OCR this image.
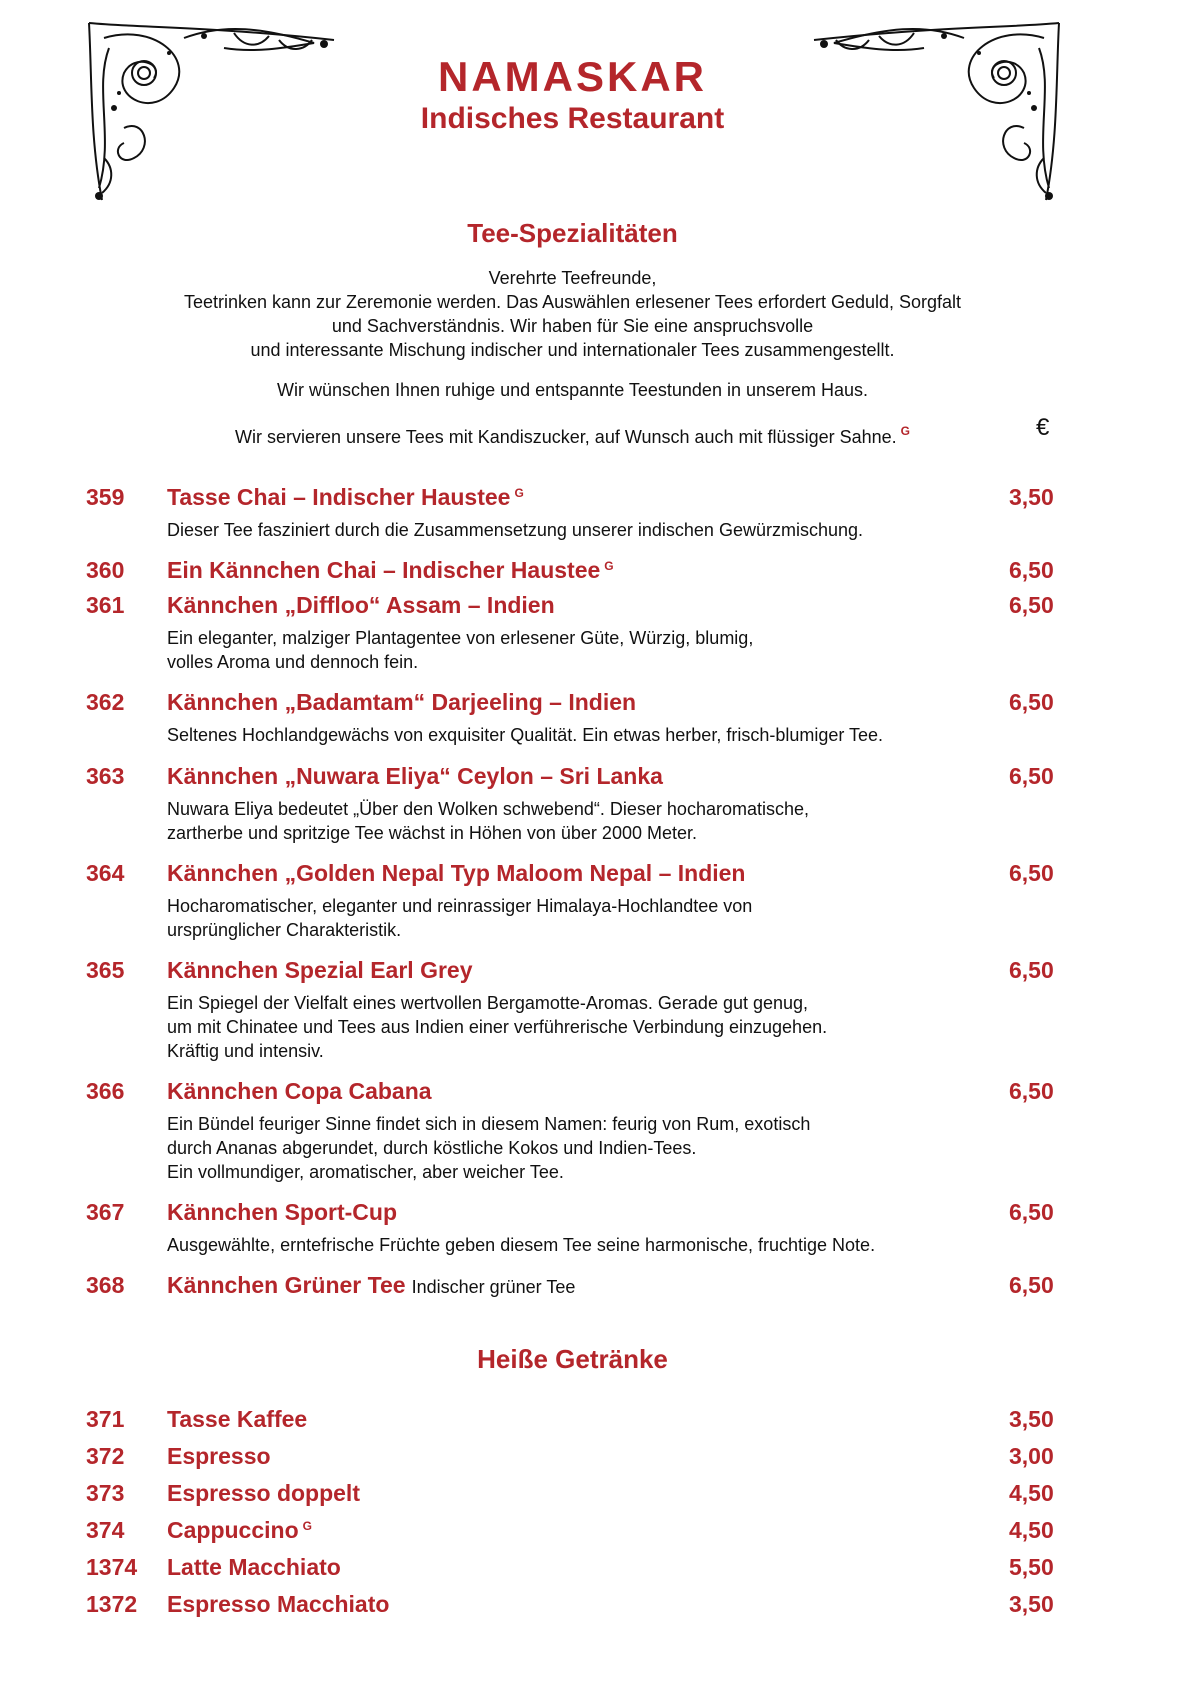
NAMASKAR
Indisches Restaurant
Tee-Spezialitäten
Verehrte Teefreunde,
Teetrinken kann zur Zeremonie werden. Das Auswählen erlesener Tees erfordert Geduld, Sorgfalt
und Sachverständnis. Wir haben für Sie eine anspruchsvolle
und interessante Mischung indischer und internationaler Tees zusammengestellt.
Wir wünschen Ihnen ruhige und entspannte Teestunden in unserem Haus.
Wir servieren unsere Tees mit Kandiszucker, auf Wunsch auch mit flüssiger Sahne. $^G$	€
359 Tasse Chai – Indischer Haustee $^G$	3,50
Dieser Tee fasziniert durch die Zusammensetzung unserer indischen Gewürzmischung.
360 Ein Kännchen Chai – Indischer Haustee $^G$	6,50
361 Kännchen „Diffloo“ Assam – Indien	6,50
Ein eleganter, malziger Plantagentee von erlesener Güte, Würzig, blumig,
volles Aroma und dennoch fein.
362 Kännchen „Badamtam“ Darjeeling – Indien	6,50
Seltenes Hochlandgewächs von exquisiter Qualität. Ein etwas herber, frisch-blumiger Tee.
363 Kännchen „Nuwara Eliya“ Ceylon – Sri Lanka	6,50
Nuwara Eliya bedeutet „Über den Wolken schwebend“. Dieser hocharomatische,
zartherbe und spritzige Tee wächst in Höhen von über 2000 Meter.
364 Kännchen „Golden Nepal Typ Maloom Nepal – Indien	6,50
Hocharomatischer, eleganter und reinrassiger Himalaya-Hochlandtee von
ursprünglicher Charakteristik.
365 Kännchen Spezial Earl Grey	6,50
Ein Spiegel der Vielfalt eines wertvollen Bergamotte-Aromas. Gerade gut genug,
um mit Chinatee und Tees aus Indien einer verführerische Verbindung einzugehen.
Kräftig und intensiv.
366 Kännchen Copa Cabana	6,50
Ein Bündel feuriger Sinne findet sich in diesem Namen: feurig von Rum, exotisch
durch Ananas abgerundet, durch köstliche Kokos und Indien-Tees.
Ein vollmundiger, aromatischer, aber weicher Tee.
367 Kännchen Sport-Cup	6,50
Ausgewählte, erntefrische Früchte geben diesem Tee seine harmonische, fruchtige Note.
368 Kännchen Grüner Tee Indischer grüner Tee	6,50
Heiße Getränke
371 Tasse Kaffee	3,50
372 Espresso	3,00
373 Espresso doppelt	4,50
374 Cappuccino $^G$	4,50
1374 Latte Macchiato	5,50
1372 Espresso Macchiato	3,50
